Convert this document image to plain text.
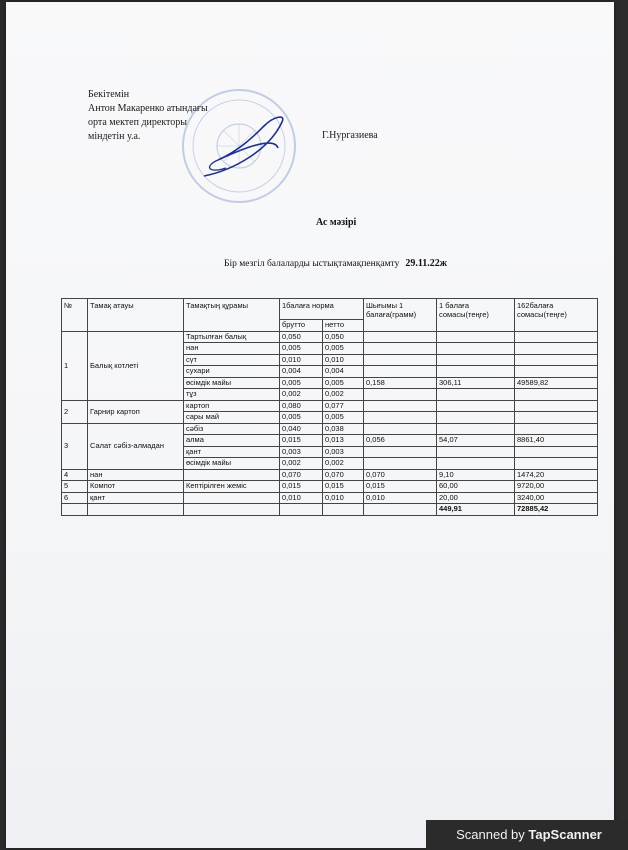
Бекітемін
Антон Макаренко атындағы
орта мектеп директоры
міндетін у.а.	Г.Нургазиева
Ас мәзірі
Бір мезгіл балаларды ыстықтамақпенқамту 29.11.22ж
№	Тамақ атауы	Тамақтың құрамы	1балаға норма		Шығымы 1 балаға(грамм)	1 балаға сомасы(теңге)	162балаға сомасы(теңге)
			брутто	нетто			
1	Балық котлеті	Тартылған балық	0,050	0,050			
		нан	0,005	0,005			
		сүт	0,010	0,010			
		сухари	0,004	0,004			
		өсімдік майы	0,005	0,005	0,158	306,11	49589,82
		тұз	0,002	0,002			
2	Гарнир картоп	картоп	0,080	0,077			
		сары май	0,005	0,005			
3	Салат сәбіз-алмадан	сәбіз	0,040	0,038			
		алма	0,015	0,013	0,056	54,07	8861,40
		қант	0,003	0,003			
		өсімдік майы	0,002	0,002			
4	нан		0,070	0,070	0,070	9,10	1474,20
5	Компот	Кептірілген жеміс	0,015	0,015	0,015	60,00	9720,00
6	қант		0,010	0,010	0,010	20,00	3240,00
						449,91	72885,42
Scanned by TapScanner
